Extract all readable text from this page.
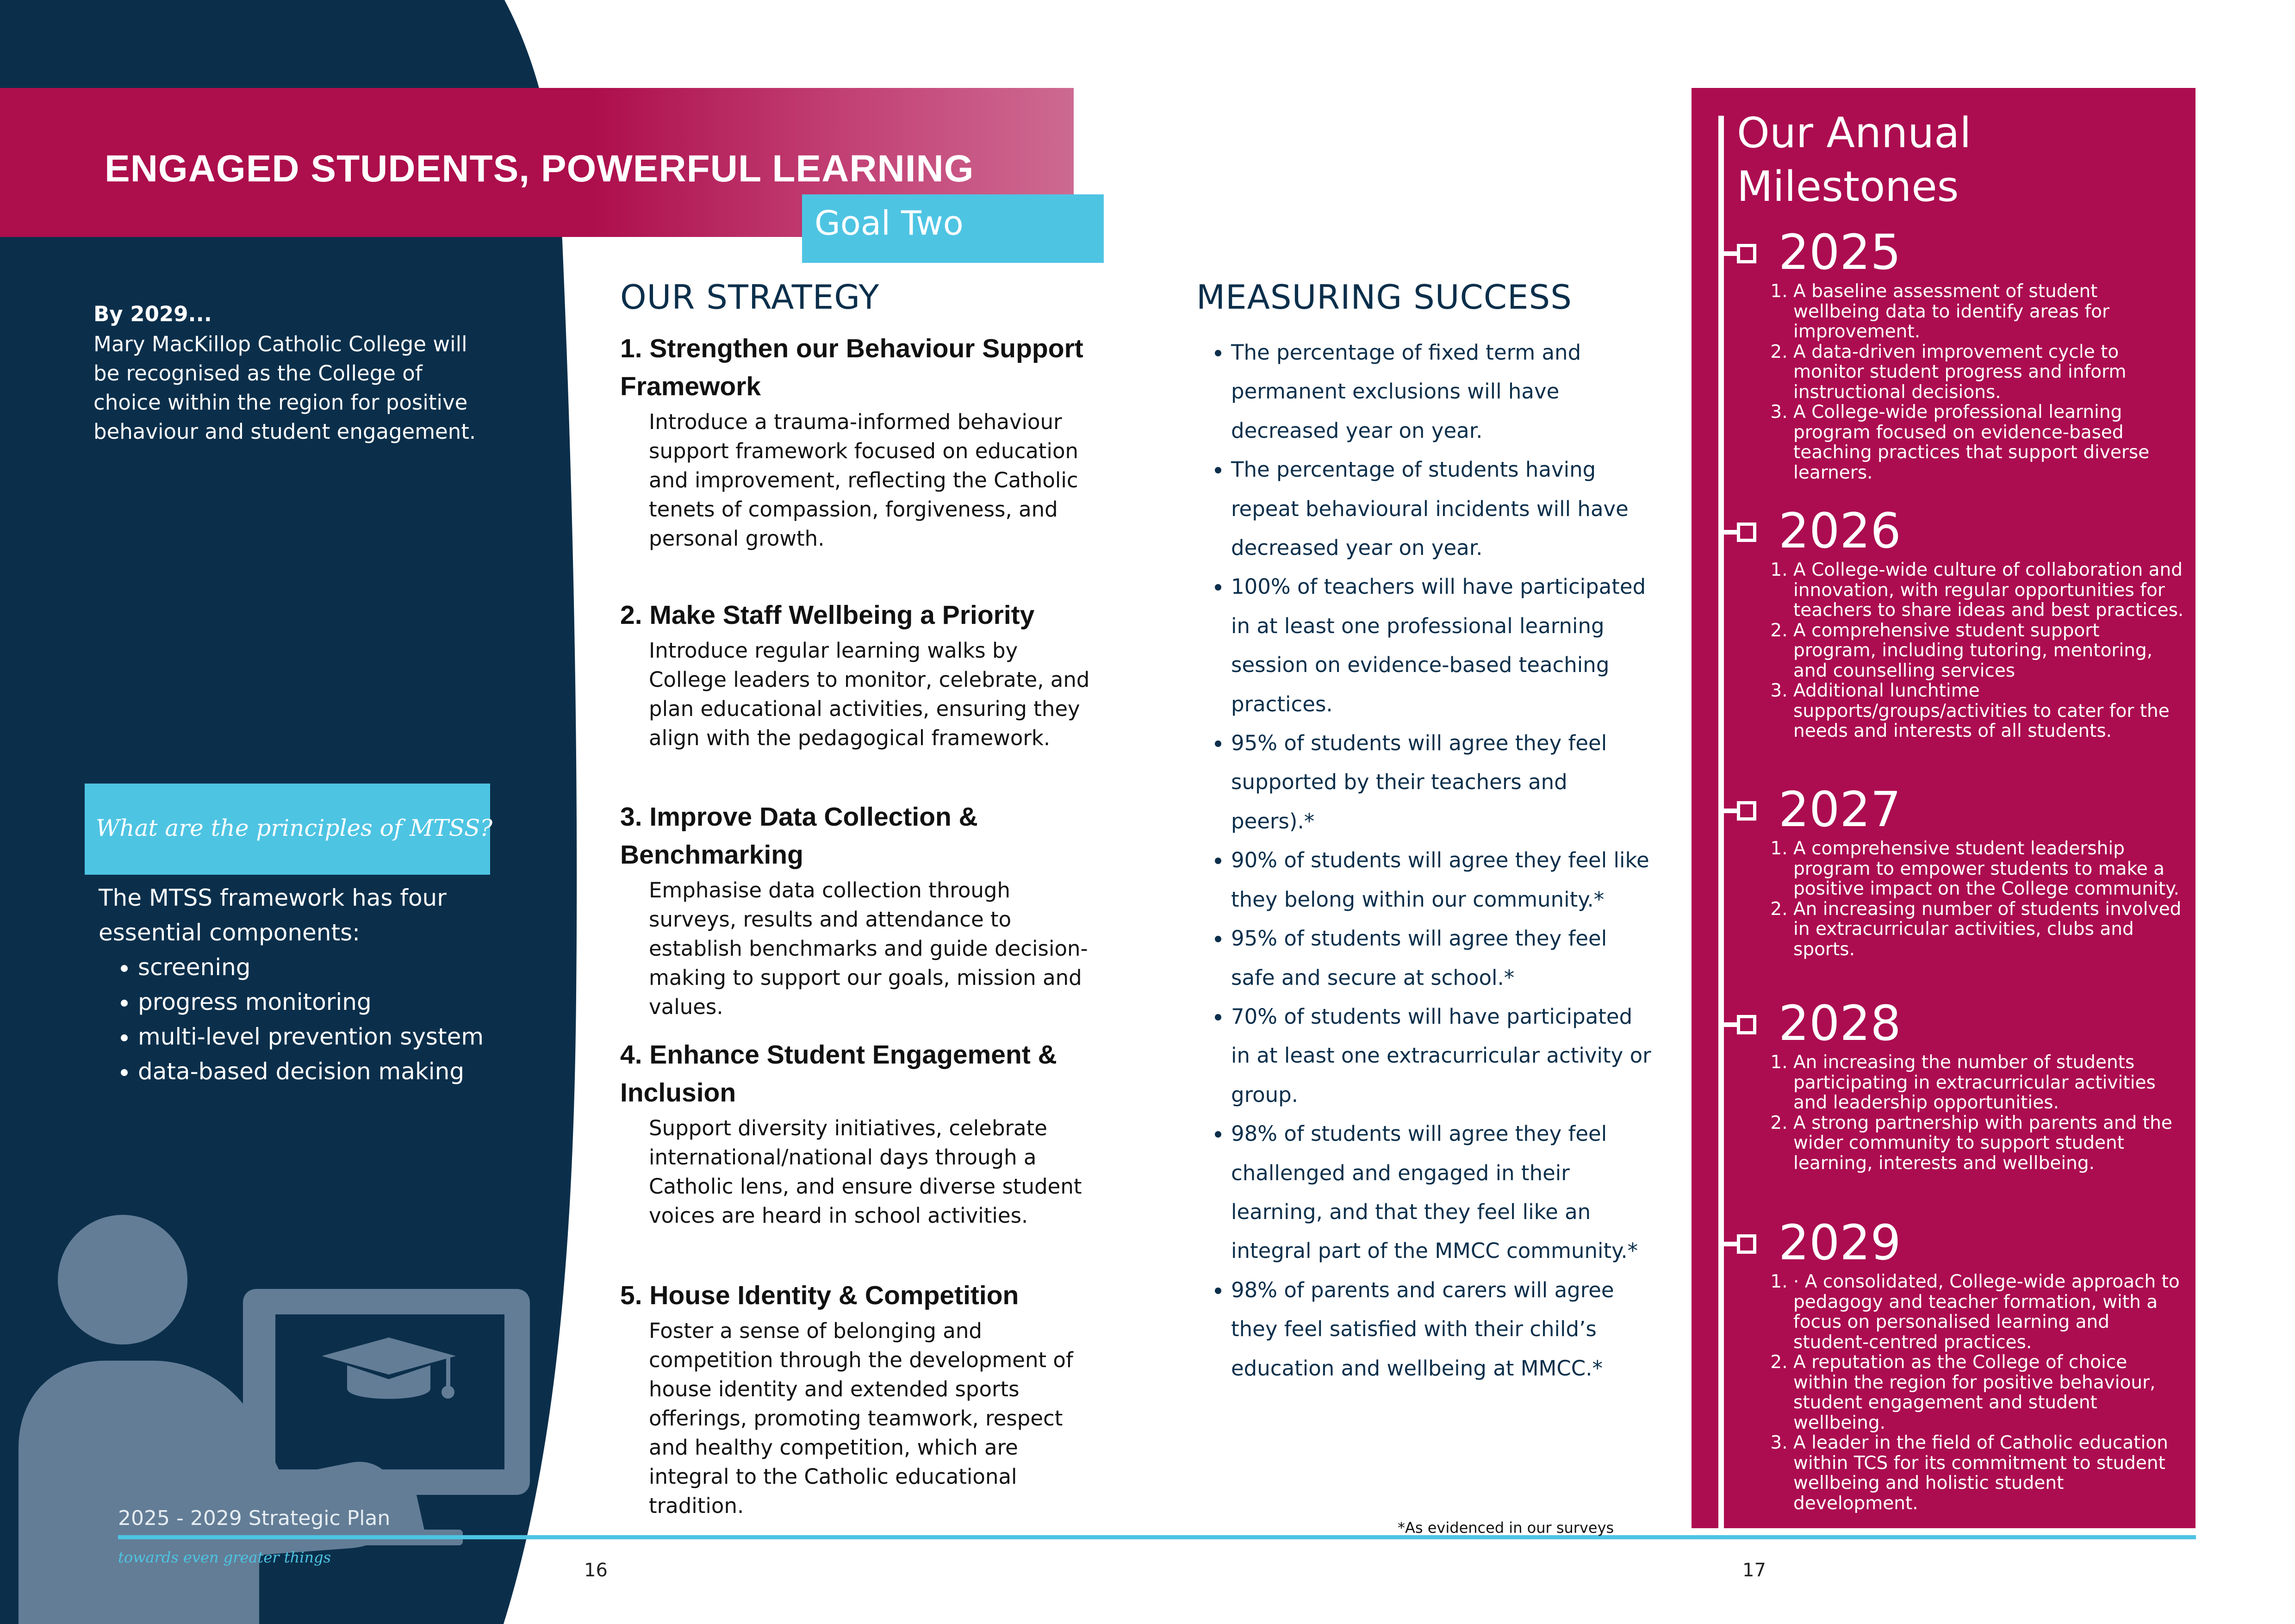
ENGAGED STUDENTS, POWERFUL LEARNING
Goal Two
By 2029...
Mary MacKillop Catholic College will be recognised as the College of choice within the region for positive behaviour and student engagement.
What are the principles of MTSS?
The MTSS framework has four essential components:
• screening
• progress monitoring
• multi-level prevention system
• data-based decision making
2025 - 2029 Strategic Plan
towards even greater things
16	17
OUR STRATEGY
1. Strengthen our Behaviour Support Framework
Introduce a trauma-informed behaviour support framework focused on education and improvement, reflecting the Catholic tenets of compassion, forgiveness, and personal growth.
2. Make Staff Wellbeing a Priority
Introduce regular learning walks by College leaders to monitor, celebrate, and plan educational activities, ensuring they align with the pedagogical framework.
3. Improve Data Collection & Benchmarking
Emphasise data collection through surveys, results and attendance to establish benchmarks and guide decision-making to support our goals, mission and values.
4. Enhance Student Engagement & Inclusion
Support diversity initiatives, celebrate international/national days through a Catholic lens, and ensure diverse student voices are heard in school activities.
5. House Identity & Competition
Foster a sense of belonging and competition through the development of house identity and extended sports offerings, promoting teamwork, respect and healthy competition, which are integral to the Catholic educational tradition.
MEASURING SUCCESS
• The percentage of fixed term and permanent exclusions will have decreased year on year.
• The percentage of students having repeat behavioural incidents will have decreased year on year.
• 100% of teachers will have participated in at least one professional learning session on evidence-based teaching practices.
• 95% of students will agree they feel supported by their teachers and peers).*
• 90% of students will agree they feel like they belong within our community.*
• 95% of students will agree they feel safe and secure at school.*
• 70% of students will have participated in at least one extracurricular activity or group.
• 98% of students will agree they feel challenged and engaged in their learning, and that they feel like an integral part of the MMCC community.*
• 98% of parents and carers will agree they feel satisfied with their child’s education and wellbeing at MMCC.*
*As evidenced in our surveys
Our Annual Milestones
2025
1. A baseline assessment of student wellbeing data to identify areas for improvement.
2. A data-driven improvement cycle to monitor student progress and inform instructional decisions.
3. A College-wide professional learning program focused on evidence-based teaching practices that support diverse learners.
2026
1. A College-wide culture of collaboration and innovation, with regular opportunities for teachers to share ideas and best practices.
2. A comprehensive student support program, including tutoring, mentoring, and counselling services
3. Additional lunchtime supports/groups/activities to cater for the needs and interests of all students.
2027
1. A comprehensive student leadership program to empower students to make a positive impact on the College community.
2. An increasing number of students involved in extracurricular activities, clubs and sports.
2028
1. An increasing the number of students participating in extracurricular activities and leadership opportunities.
2. A strong partnership with parents and the wider community to support student learning, interests and wellbeing.
2029
1. · A consolidated, College-wide approach to pedagogy and teacher formation, with a focus on personalised learning and student-centred practices.
2. A reputation as the College of choice within the region for positive behaviour, student engagement and student wellbeing.
3. A leader in the field of Catholic education within TCS for its commitment to student wellbeing and holistic student development.
